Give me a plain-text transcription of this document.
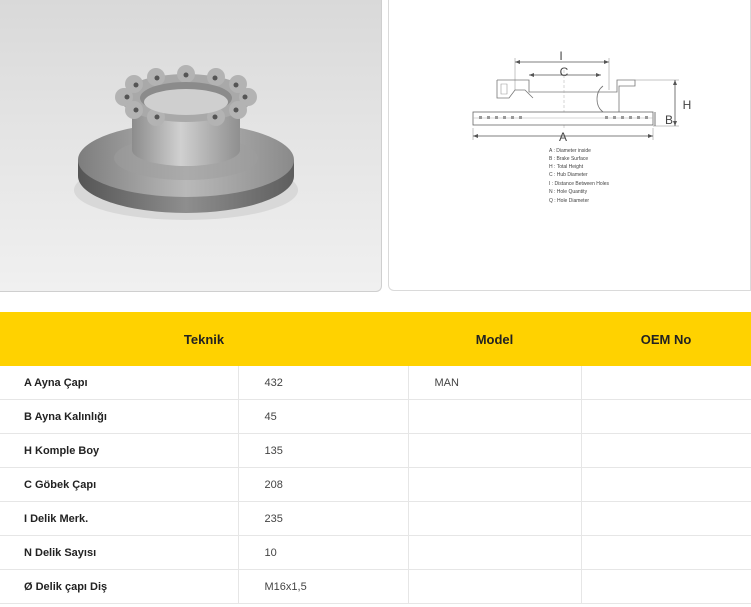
I
C
H
B
A
A : Diameter inside
B : Brake Surface
H : Total Height
C : Hub Diameter
I : Distance Between Holes
N : Hole Quantity
Q : Hole Diameter
Teknik		Model	OEM No
A Ayna Çapı	432	MAN	
B Ayna Kalınlığı	45		
H Komple Boy	135		
C Göbek Çapı	208		
I Delik Merk.	235		
N Delik Sayısı	10		
Ø Delik çapı Diş	M16x1,5		
